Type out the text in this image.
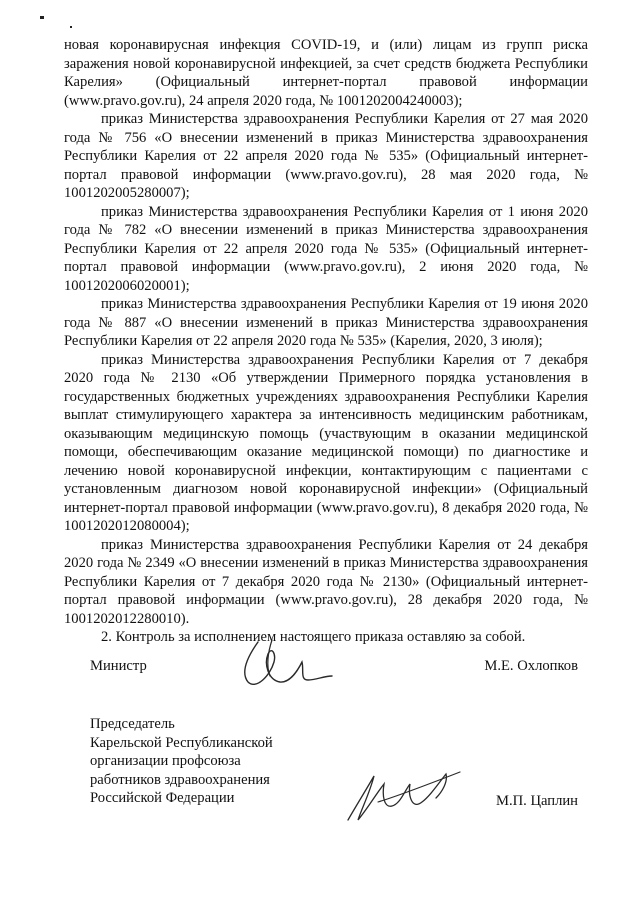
новая коронавирусная инфекция COVID-19, и (или) лицам из групп риска заражения новой коронавирусной инфекцией, за счет средств бюджета Республики Карелия» (Официальный интернет-портал правовой информации (www.pravo.gov.ru), 24 апреля 2020 года, № 1001202004240003);

приказ Министерства здравоохранения Республики Карелия от 27 мая 2020 года № 756 «О внесении изменений в приказ Министерства здравоохранения Республики Карелия от 22 апреля 2020 года № 535» (Официальный интернет-портал правовой информации (www.pravo.gov.ru), 28 мая 2020 года, № 1001202005280007);

приказ Министерства здравоохранения Республики Карелия от 1 июня 2020 года № 782 «О внесении изменений в приказ Министерства здравоохранения Республики Карелия от 22 апреля 2020 года № 535» (Официальный интернет-портал правовой информации (www.pravo.gov.ru), 2 июня 2020 года, № 1001202006020001);

приказ Министерства здравоохранения Республики Карелия от 19 июня 2020 года № 887 «О внесении изменений в приказ Министерства здравоохранения Республики Карелия от 22 апреля 2020 года № 535» (Карелия, 2020, 3 июля);

приказ Министерства здравоохранения Республики Карелия от 7 декабря 2020 года № 2130 «Об утверждении Примерного порядка установления в государственных бюджетных учреждениях здравоохранения Республики Карелия выплат стимулирующего характера за интенсивность медицинским работникам, оказывающим медицинскую помощь (участвующим в оказании медицинской помощи, обеспечивающим оказание медицинской помощи) по диагностике и лечению новой коронавирусной инфекции, контактирующим с пациентами с установленным диагнозом новой коронавирусной инфекции» (Официальный интернет-портал правовой информации (www.pravo.gov.ru), 8 декабря 2020 года, № 1001202012080004);

приказ Министерства здравоохранения Республики Карелия от 24 декабря 2020 года № 2349 «О внесении изменений в приказ Министерства здравоохранения Республики Карелия от 7 декабря 2020 года № 2130» (Официальный интернет-портал правовой информации (www.pravo.gov.ru), 28 декабря 2020 года, № 1001202012280010).

2. Контроль за исполнением настоящего приказа оставляю за собой.

Министр	М.Е. Охлопков
Председатель
Карельской Республиканской
организации профсоюза
работников здравоохранения
Российской Федерации	М.П. Цаплин
